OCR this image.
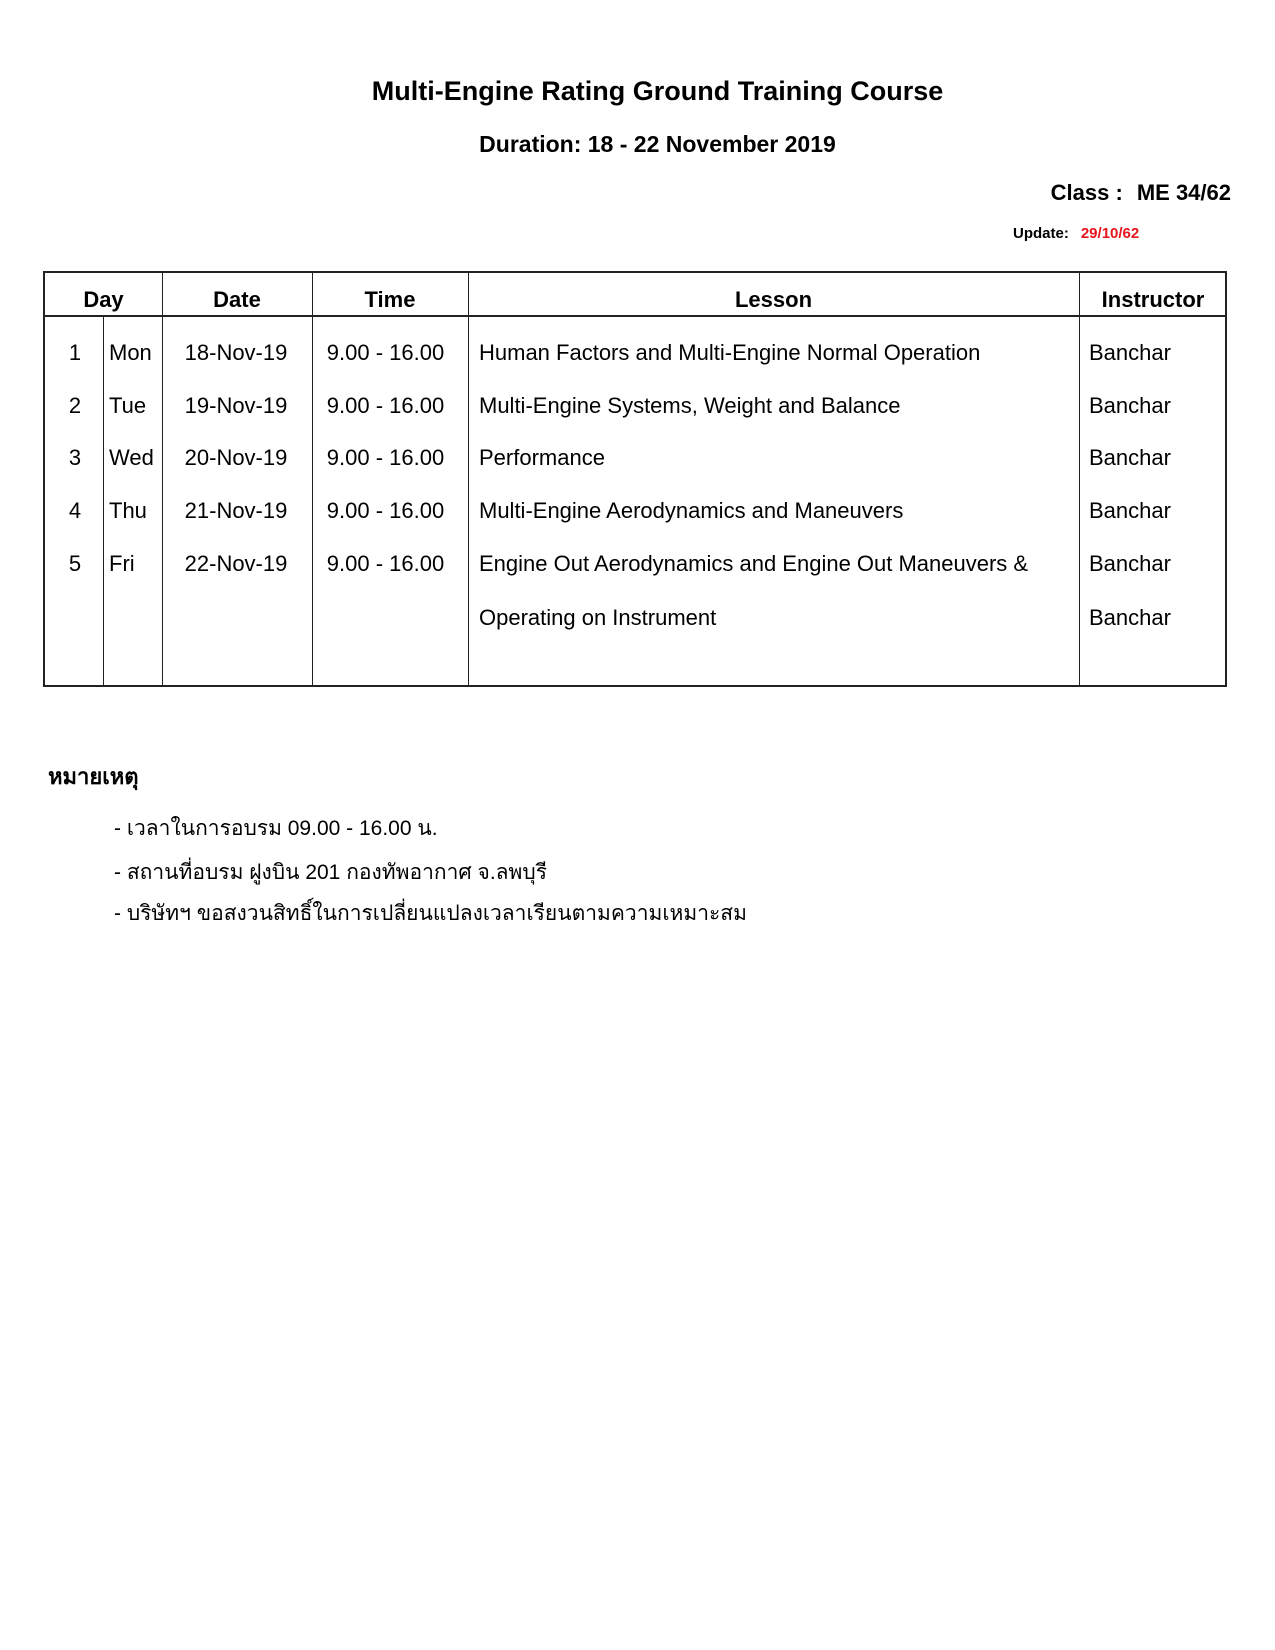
Multi-Engine Rating Ground Training Course
Duration: 18 - 22 November 2019
Class : ME 34/62
Update: 29/10/62
Day	Date	Time	Lesson	Instructor
1	Mon	18-Nov-19	9.00 - 16.00	Human Factors and Multi-Engine Normal Operation	Banchar
2	Tue	19-Nov-19	9.00 - 16.00	Multi-Engine Systems, Weight and Balance	Banchar
3	Wed	20-Nov-19	9.00 - 16.00	Performance	Banchar
4	Thu	21-Nov-19	9.00 - 16.00	Multi-Engine Aerodynamics and Maneuvers	Banchar
5	Fri	22-Nov-19	9.00 - 16.00	Engine Out Aerodynamics and Engine Out Maneuvers &	Banchar
Operating on Instrument	Banchar
หมายเหตุ
- เวลาในการอบรม 09.00 - 16.00 น.
- สถานที่อบรม ฝูงบิน 201 กองทัพอากาศ จ.ลพบุรี
- บริษัทฯ ขอสงวนสิทธิ์ในการเปลี่ยนแปลงเวลาเรียนตามความเหมาะสม
